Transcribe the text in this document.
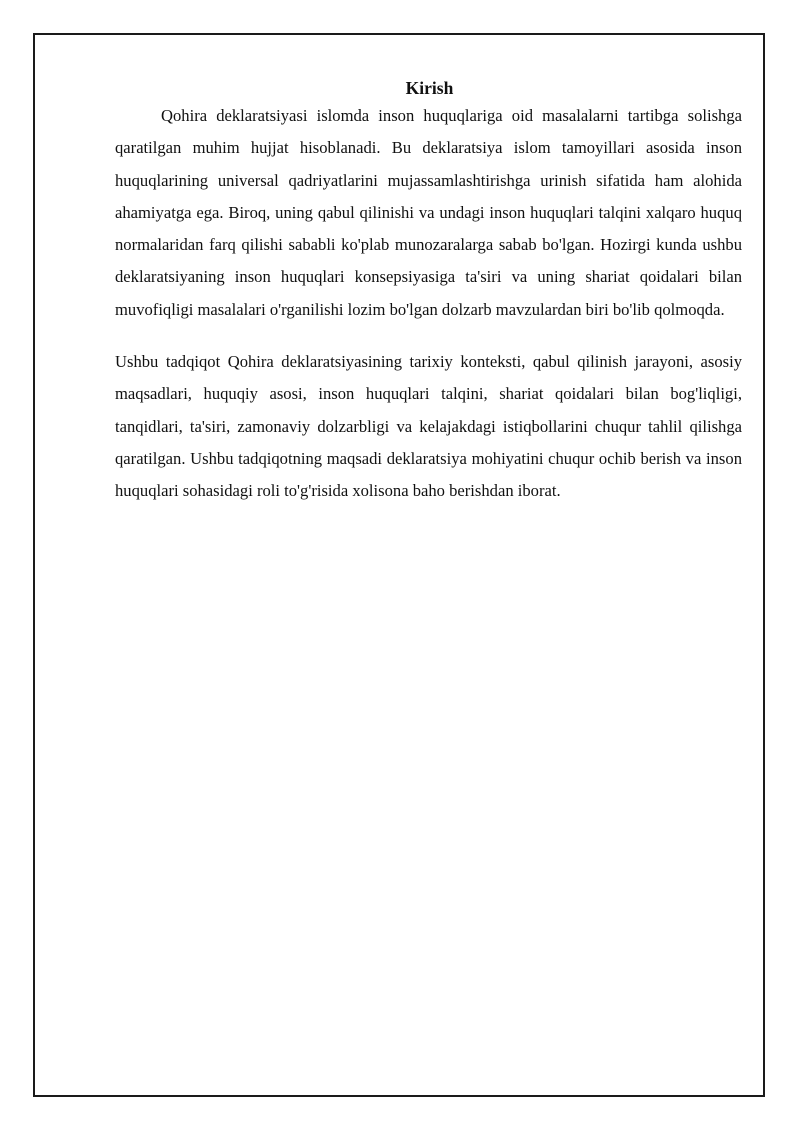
Kirish

Qohira deklaratsiyasi islomda inson huquqlariga oid masalalarni tartibga solishga qaratilgan muhim hujjat hisoblanadi. Bu deklaratsiya islom tamoyillari asosida inson huquqlarining universal qadriyatlarini mujassamlashtirishga urinish sifatida ham alohida ahamiyatga ega. Biroq, uning qabul qilinishi va undagi inson huquqlari talqini xalqaro huquq normalaridan farq qilishi sababli ko'plab munozaralarga sabab bo'lgan. Hozirgi kunda ushbu deklaratsiyaning inson huquqlari konsepsiyasiga ta'siri va uning shariat qoidalari bilan muvofiqligi masalalari o'rganilishi lozim bo'lgan dolzarb mavzulardan biri bo'lib qolmoqda.

Ushbu tadqiqot Qohira deklaratsiyasining tarixiy konteksti, qabul qilinish jarayoni, asosiy maqsadlari, huquqiy asosi, inson huquqlari talqini, shariat qoidalari bilan bog'liqligi, tanqidlari, ta'siri, zamonaviy dolzarbligi va kelajakdagi istiqbollarini chuqur tahlil qilishga qaratilgan. Ushbu tadqiqotning maqsadi deklaratsiya mohiyatini chuqur ochib berish va inson huquqlari sohasidagi roli to'g'risida xolisona baho berishdan iborat.
